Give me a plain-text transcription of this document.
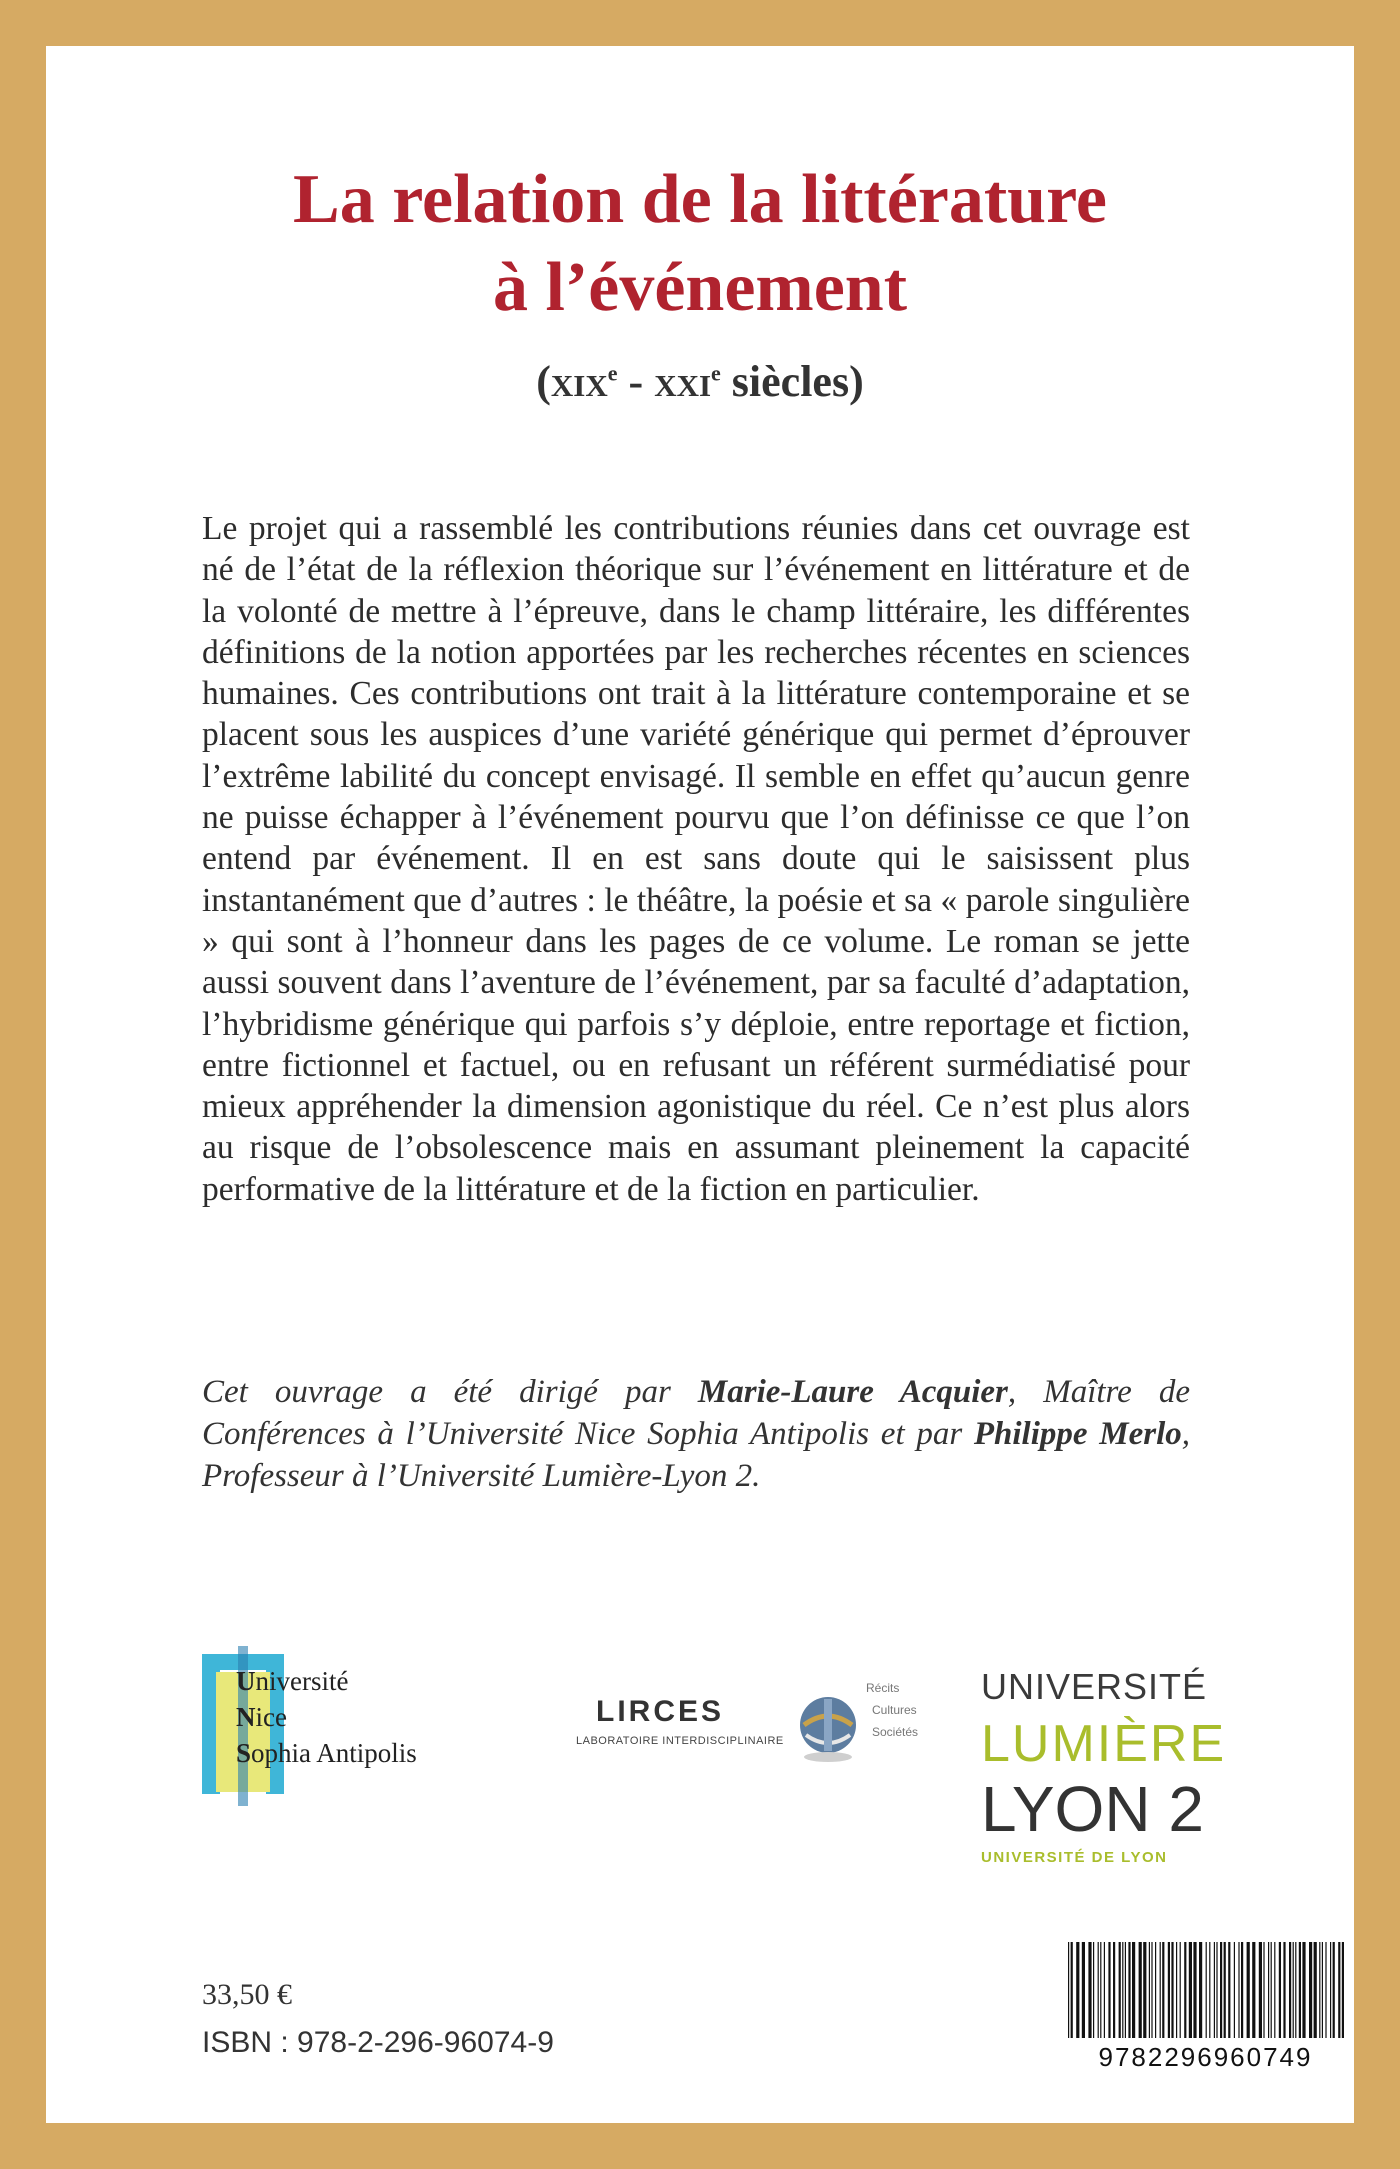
La relation de la littérature
à l’événement
(xix$^e$ - xxi$^e$ siècles)
Le projet qui a rassemblé les contributions réunies dans cet ouvrage est né de l’état de la réflexion théorique sur l’événement en littérature et de la volonté de mettre à l’épreuve, dans le champ littéraire, les différentes définitions de la notion apportées par les recherches récentes en sciences humaines. Ces contributions ont trait à la littérature contemporaine et se placent sous les auspices d’une variété générique qui permet d’éprouver l’extrême labilité du concept envisagé. Il semble en effet qu’aucun genre ne puisse échapper à l’événement pourvu que l’on définisse ce que l’on entend par événement. Il en est sans doute qui le saisissent plus instantanément que d’autres : le théâtre, la poésie et sa « parole singulière » qui sont à l’honneur dans les pages de ce volume. Le roman se jette aussi souvent dans l’aventure de l’événement, par sa faculté d’adaptation, l’hybridisme générique qui parfois s’y déploie, entre reportage et fiction, entre fictionnel et factuel, ou en refusant un référent surmédiatisé pour mieux appréhender la dimension agonistique du réel. Ce n’est plus alors au risque de l’obsolescence mais en assumant pleinement la capacité performative de la littérature et de la fiction en particulier.
Cet ouvrage a été dirigé par Marie-Laure Acquier, Maître de Conférences à l’Université Nice Sophia Antipolis et par Philippe Merlo, Professeur à l’Université Lumière-Lyon 2.
Université
Nice
Sophia Antipolis
LIRCES
LABORATOIRE INTERDISCIPLINAIRE
Récits
Cultures
Sociétés
UNIVERSITÉ
LUMIÈRE
LYON 2
UNIVERSITÉ DE LYON
33,50 €
ISBN : 978-2-296-96074-9	9782296960749
